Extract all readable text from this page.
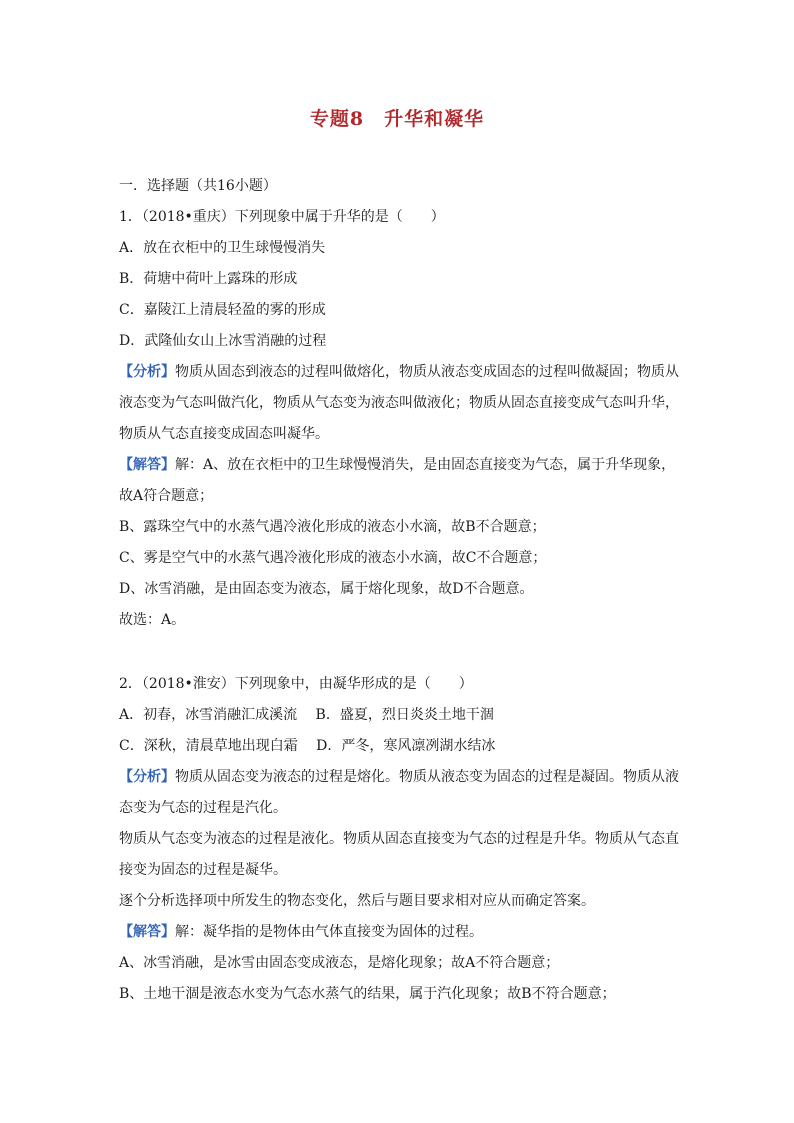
专题8　升华和凝华
一．选择题（共16小题）
1．（2018•重庆）下列现象中属于升华的是（　　）
A．放在衣柜中的卫生球慢慢消失
B．荷塘中荷叶上露珠的形成
C．嘉陵江上清晨轻盈的雾的形成
D．武隆仙女山上冰雪消融的过程
【分析】物质从固态到液态的过程叫做熔化，物质从液态变成固态的过程叫做凝固；物质从
液态变为气态叫做汽化，物质从气态变为液态叫做液化；物质从固态直接变成气态叫升华，
物质从气态直接变成固态叫凝华。
【解答】解：A、放在衣柜中的卫生球慢慢消失，是由固态直接变为气态，属于升华现象，
故A符合题意；
B、露珠空气中的水蒸气遇冷液化形成的液态小水滴，故B不合题意；
C、雾是空气中的水蒸气遇冷液化形成的液态小水滴，故C不合题意；
D、冰雪消融，是由固态变为液态，属于熔化现象，故D不合题意。
故选：A。
2．（2018•淮安）下列现象中，由凝华形成的是（　　）
A．初春，冰雪消融汇成溪流　 B．盛夏，烈日炎炎土地干涸
C．深秋，清晨草地出现白霜　 D．严冬，寒风凛冽湖水结冰
【分析】物质从固态变为液态的过程是熔化。物质从液态变为固态的过程是凝固。物质从液
态变为气态的过程是汽化。
物质从气态变为液态的过程是液化。物质从固态直接变为气态的过程是升华。物质从气态直
接变为固态的过程是凝华。
逐个分析选择项中所发生的物态变化，然后与题目要求相对应从而确定答案。
【解答】解：凝华指的是物体由气体直接变为固体的过程。
A、冰雪消融，是冰雪由固态变成液态，是熔化现象；故A不符合题意；
B、土地干涸是液态水变为气态水蒸气的结果，属于汽化现象；故B不符合题意；
